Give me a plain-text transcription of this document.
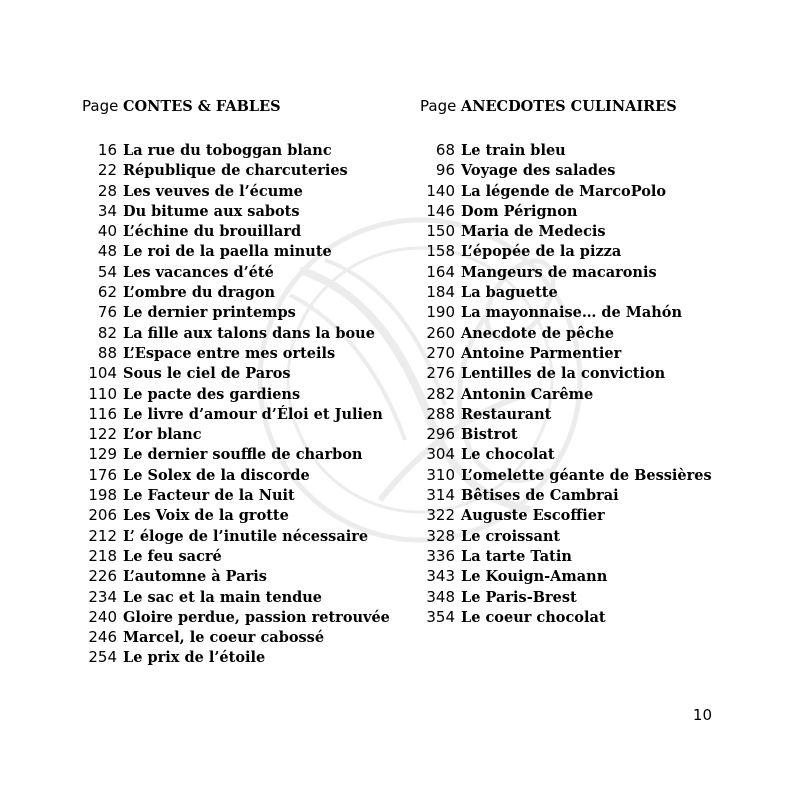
Page CONTES & FABLES
16 La rue du toboggan blanc
22 République de charcuteries
28 Les veuves de l’écume
34 Du bitume aux sabots
40 L’échine du brouillard
48 Le roi de la paella minute
54 Les vacances d’été
62 L’ombre du dragon
76 Le dernier printemps
82 La fille aux talons dans la boue
88 L’Espace entre mes orteils
104 Sous le ciel de Paros
110 Le pacte des gardiens
116 Le livre d’amour d’Éloi et Julien
122 L’or blanc
129 Le dernier souffle de charbon
176 Le Solex de la discorde
198 Le Facteur de la Nuit
206 Les Voix de la grotte
212 L’ éloge de l’inutile nécessaire
218 Le feu sacré
226 L’automne à Paris
234 Le sac et la main tendue
240 Gloire perdue, passion retrouvée
246 Marcel, le coeur cabossé
254 Le prix de l’étoile
Page ANECDOTES CULINAIRES
68 Le train bleu
96 Voyage des salades
140 La légende de MarcoPolo
146 Dom Pérignon
150 Maria de Medecis
158 L’épopée de la pizza
164 Mangeurs de macaronis
184 La baguette
190 La mayonnaise… de Mahón
260 Anecdote de pêche
270 Antoine Parmentier
276 Lentilles de la conviction
282 Antonin Carême
288 Restaurant
296 Bistrot
304 Le chocolat
310 L’omelette géante de Bessières
314 Bêtises de Cambrai
322 Auguste Escoffier
328 Le croissant
336 La tarte Tatin
343 Le Kouign-Amann
348 Le Paris-Brest
354 Le coeur chocolat
10
